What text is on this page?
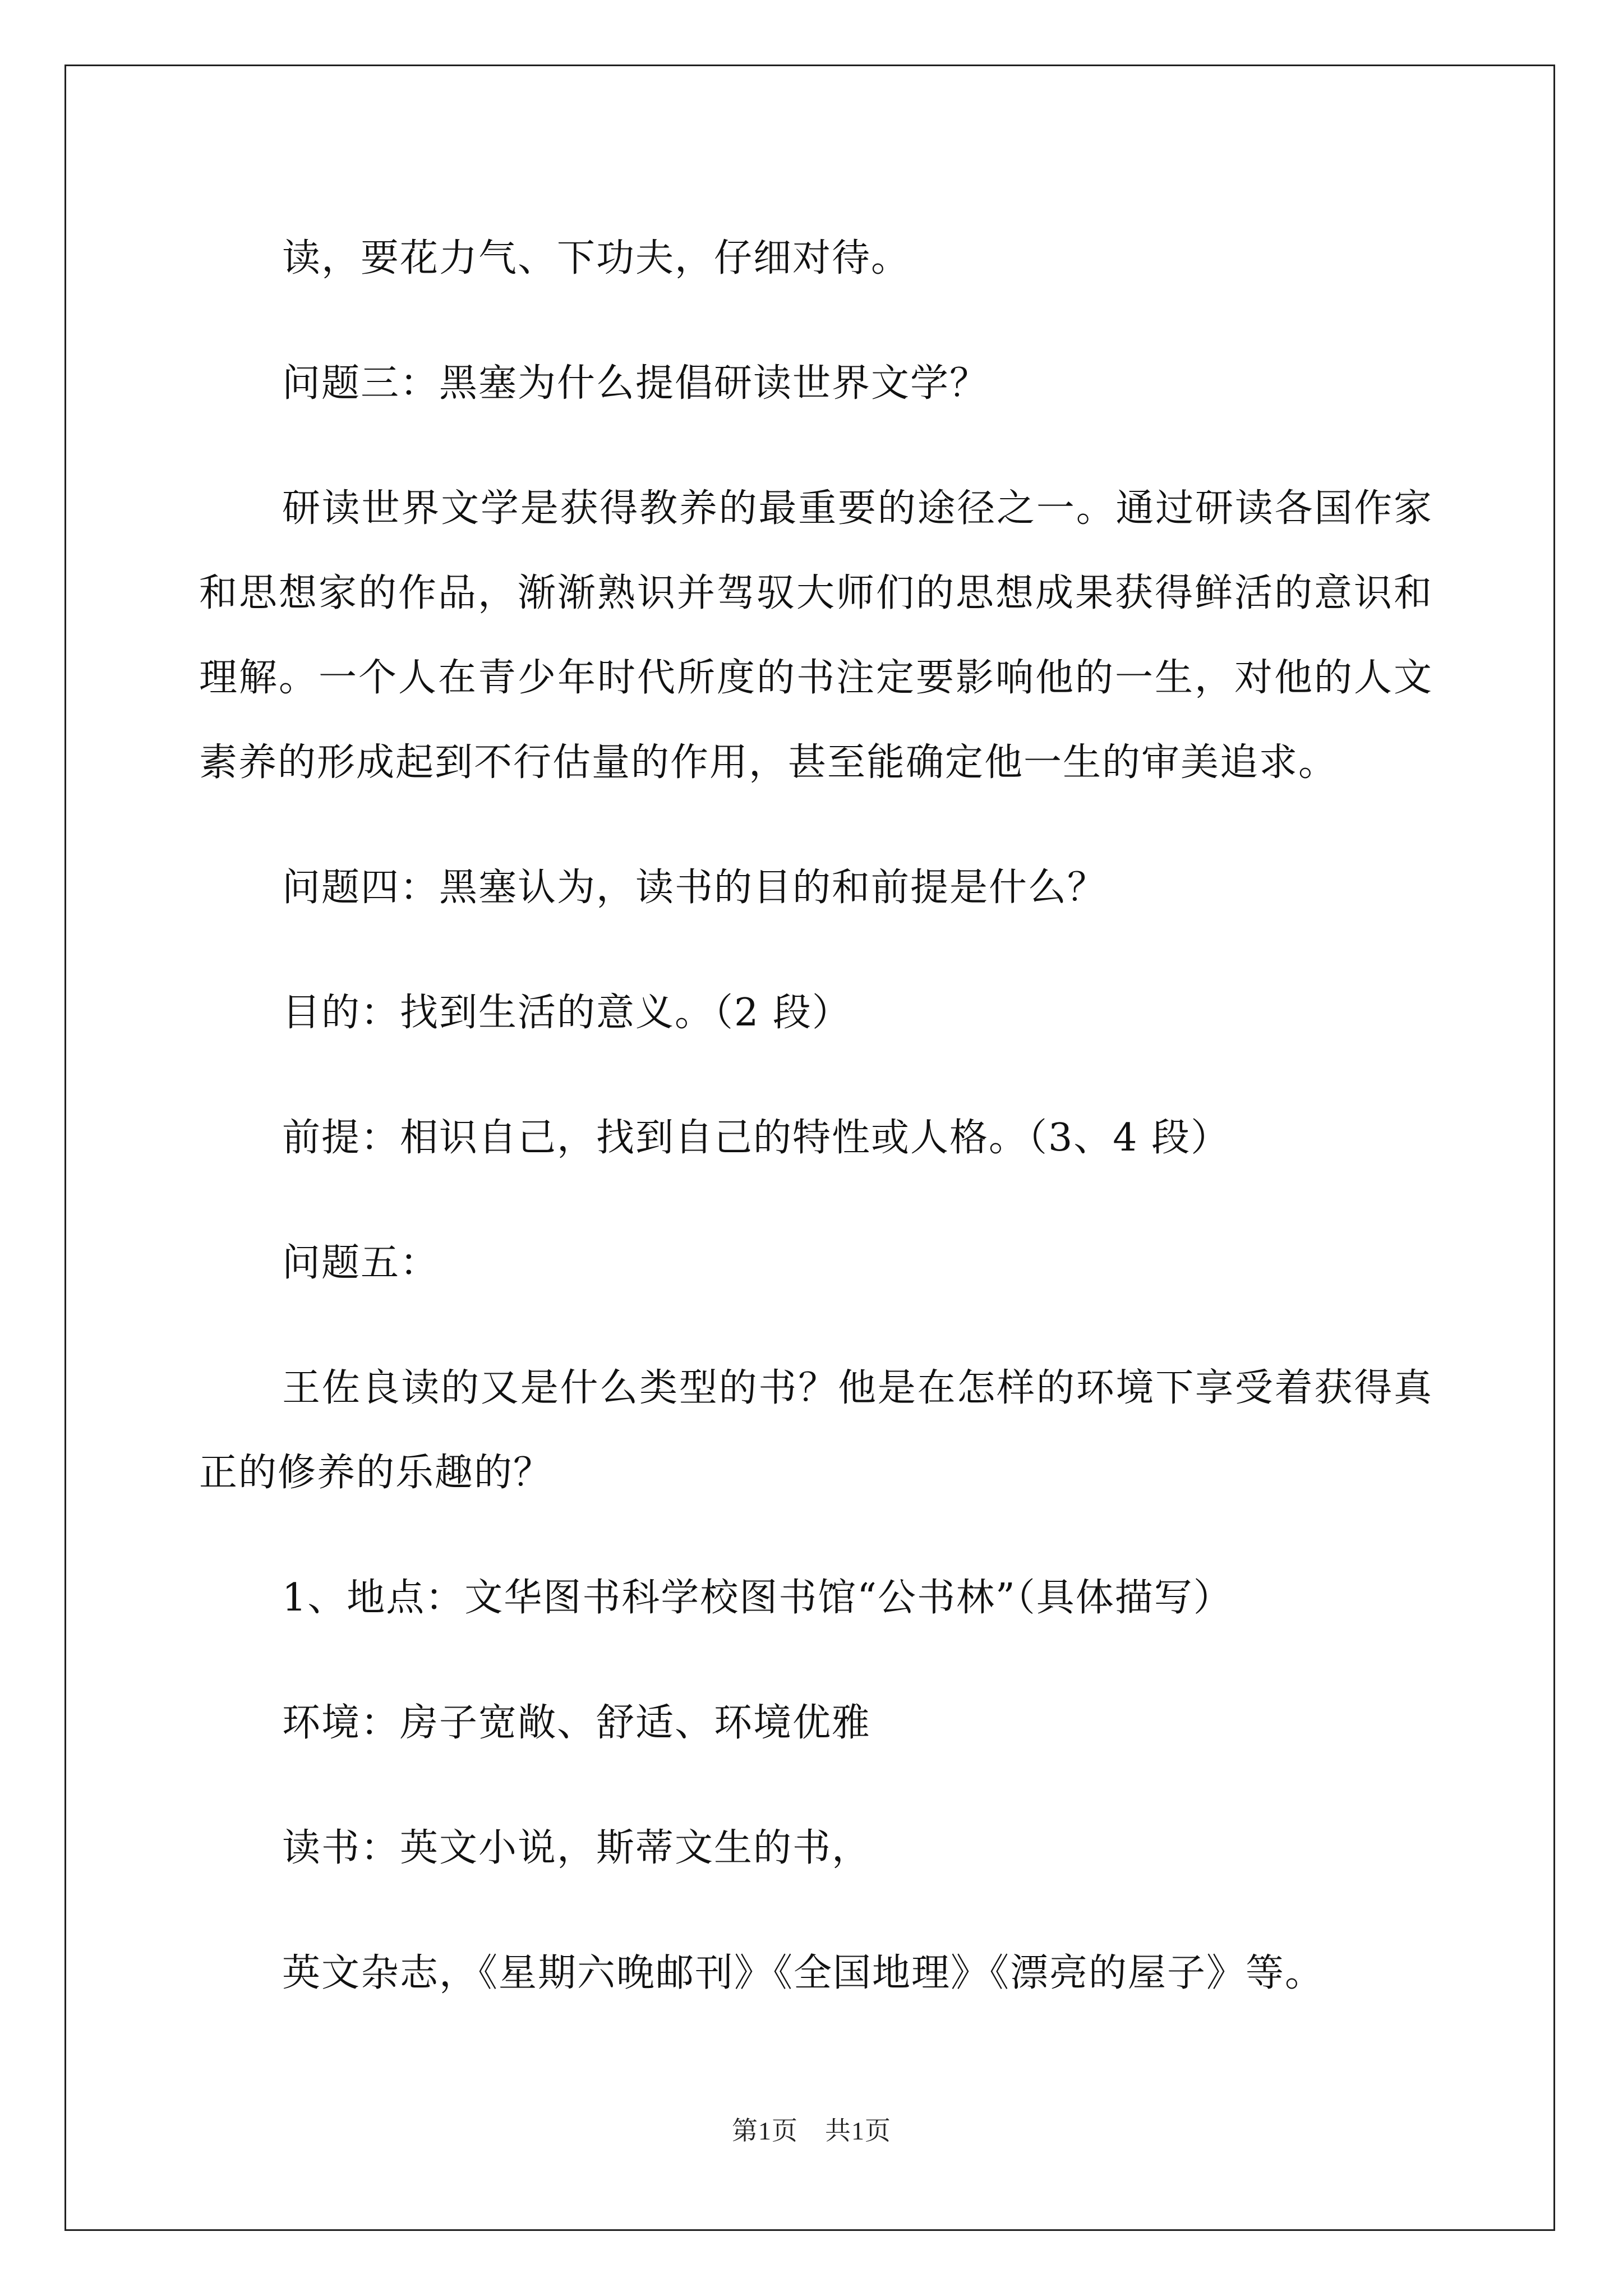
读，要花力气、下功夫，仔细对待。

问题三：黑塞为什么提倡研读世界文学？

研读世界文学是获得教养的最重要的途径之一。通过研读各国作家和思想家的作品，渐渐熟识并驾驭大师们的思想成果获得鲜活的意识和理解。一个人在青少年时代所度的书注定要影响他的一生，对他的人文素养的形成起到不行估量的作用，甚至能确定他一生的审美追求。

问题四：黑塞认为，读书的目的和前提是什么？

目的：找到生活的意义。（2 段）

前提：相识自己，找到自己的特性或人格。（3、4 段）

问题五：

王佐良读的又是什么类型的书？他是在怎样的环境下享受着获得真正的修养的乐趣的？

1、地点：文华图书科学校图书馆“公书林”（具体描写）

环境：房子宽敞、舒适、环境优雅

读书：英文小说，斯蒂文生的书，

英文杂志，《星期六晚邮刊》《全国地理》《漂亮的屋子》等。

第1页 共1页
